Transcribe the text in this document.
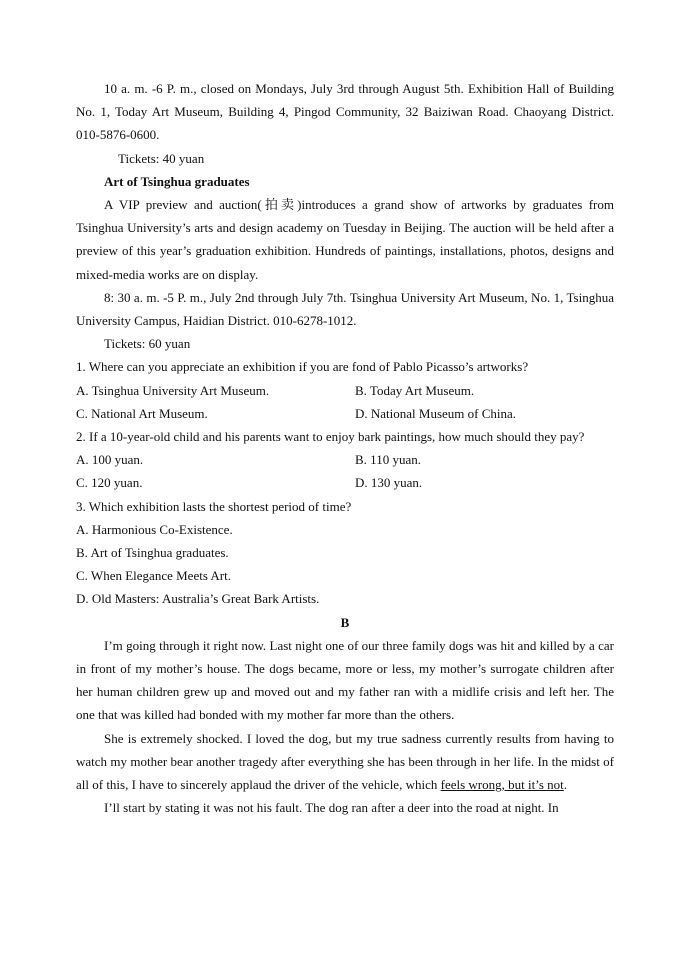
10 a. m. -6 P. m., closed on Mondays, July 3rd through August 5th. Exhibition Hall of Building No. 1, Today Art Museum, Building 4, Pingod Community, 32 Baiziwan Road. Chaoyang District. 010-5876-0600.

Tickets: 40 yuan

Art of Tsinghua graduates

A VIP preview and auction(拍卖)introduces a grand show of artworks by graduates from Tsinghua University’s arts and design academy on Tuesday in Beijing. The auction will be held after a preview of this year’s graduation exhibition. Hundreds of paintings, installations, photos, designs and mixed-media works are on display.

8: 30 a. m. -5 P. m., July 2nd through July 7th. Tsinghua University Art Museum, No. 1, Tsinghua University Campus, Haidian District. 010-6278-1012.

Tickets: 60 yuan

1. Where can you appreciate an exhibition if you are fond of Pablo Picasso’s artworks?

A. Tsinghua University Art Museum.	B. Today Art Museum.
C. National Art Museum.	D. National Museum of China.

2. If a 10-year-old child and his parents want to enjoy bark paintings, how much should they pay?

A. 100 yuan.	B. 110 yuan.
C. 120 yuan.	D. 130 yuan.

3. Which exhibition lasts the shortest period of time?

A. Harmonious Co-Existence.

B. Art of Tsinghua graduates.

C. When Elegance Meets Art.

D. Old Masters: Australia’s Great Bark Artists.

B

I’m going through it right now. Last night one of our three family dogs was hit and killed by a car in front of my mother’s house. The dogs became, more or less, my mother’s surrogate children after her human children grew up and moved out and my father ran with a midlife crisis and left her. The one that was killed had bonded with my mother far more than the others.

She is extremely shocked. I loved the dog, but my true sadness currently results from having to watch my mother bear another tragedy after everything she has been through in her life. In the midst of all of this, I have to sincerely applaud the driver of the vehicle, which feels wrong, but it’s not.

I’ll start by stating it was not his fault. The dog ran after a deer into the road at night. In
